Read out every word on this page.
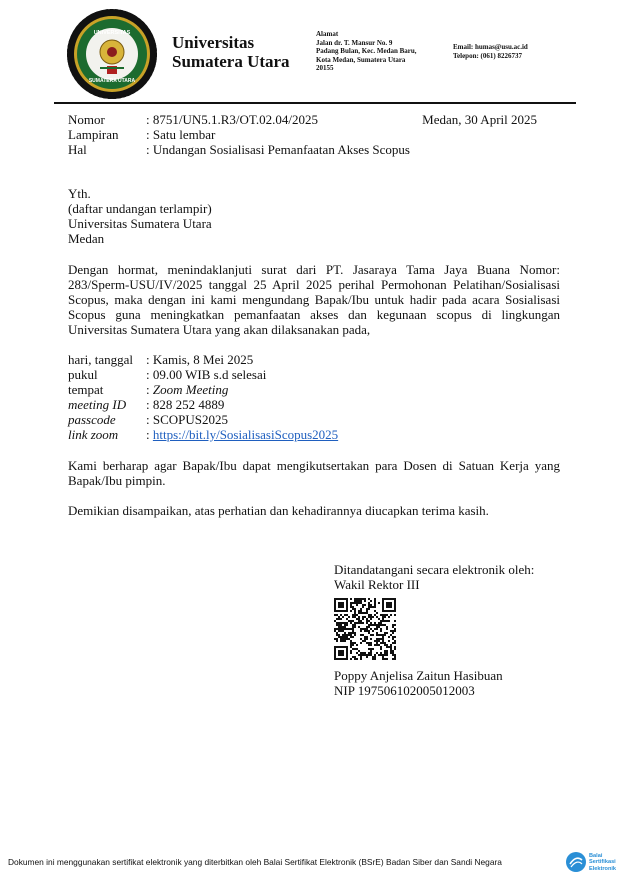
UNIVERSITAS
SUMATERA UTARA
Universitas
Sumatera Utara
Alamat
Jalan dr. T. Mansur No. 9
Padang Bulan, Kec. Medan Baru,
Kota Medan, Sumatera Utara
20155
Email: humas@usu.ac.id
Telepon: (061) 8226737
Nomor	: 8751/UN5.1.R3/OT.02.04/2025
Lampiran : Satu lembar
Hal	: Undangan Sosialisasi Pemanfaatan Akses Scopus
Medan, 30 April 2025
Yth.
(daftar undangan terlampir)
Universitas Sumatera Utara
Medan
Dengan hormat, menindaklanjuti surat dari PT. Jasaraya Tama Jaya Buana Nomor: 283/Sperm-USU/IV/2025 tanggal 25 April 2025 perihal Permohonan Pelatihan/Sosialisasi Scopus, maka dengan ini kami mengundang Bapak/Ibu untuk hadir pada acara Sosialisasi Scopus guna meningkatkan pemanfaatan akses dan kegunaan scopus di lingkungan Universitas Sumatera Utara yang akan dilaksanakan pada,
hari, tanggal : Kamis, 8 Mei 2025
pukul	: 09.00 WIB s.d selesai
tempat	: Zoom Meeting
meeting ID : 828 252 4889
passcode : SCOPUS2025
link zoom : https://bit.ly/SosialisasiScopus2025
Kami berharap agar Bapak/Ibu dapat mengikutsertakan para Dosen di Satuan Kerja yang Bapak/Ibu pimpin.
Demikian disampaikan, atas perhatian dan kehadirannya diucapkan terima kasih.
Ditandatangani secara elektronik oleh:
Wakil Rektor III
Poppy Anjelisa Zaitun Hasibuan
NIP 197506102005012003
Dokumen ini menggunakan sertifikat elektronik yang diterbitkan oleh Balai Sertifikat Elektronik (BSrE) Badan Siber dan Sandi Negara
Balai
Sertifikasi
Elektronik
